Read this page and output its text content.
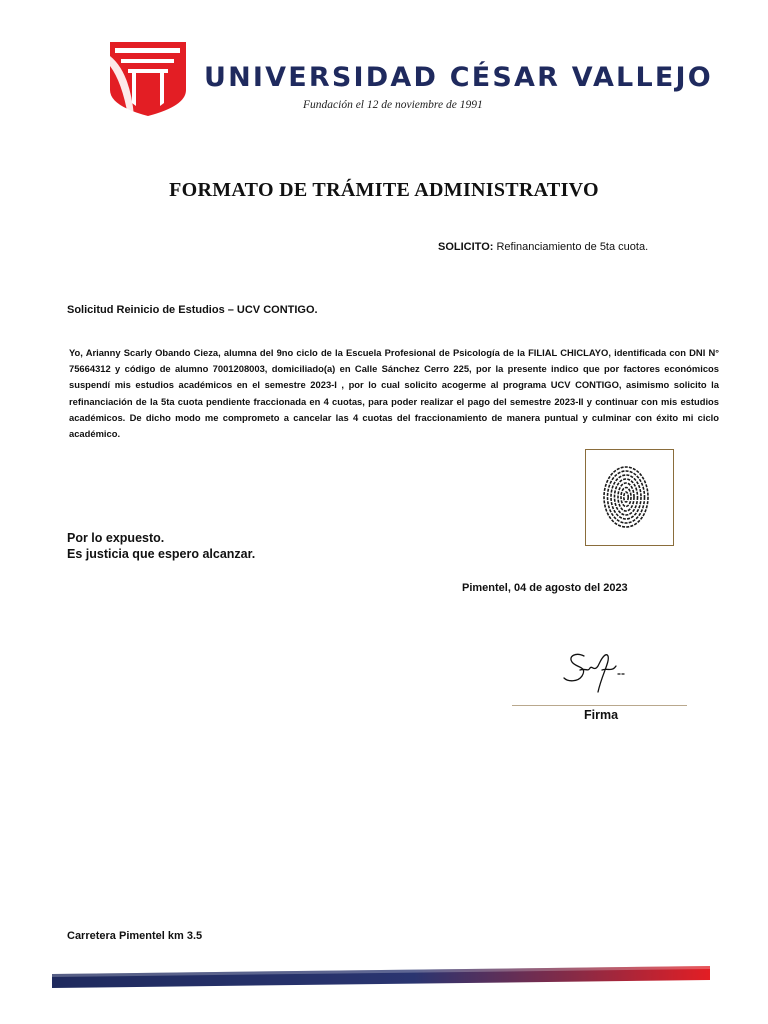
UNIVERSIDAD CÉSAR VALLEJO
Fundación el 12 de noviembre de 1991
FORMATO DE TRÁMITE ADMINISTRATIVO
SOLICITO: Refinanciamiento de 5ta cuota.
Solicitud Reinicio de Estudios – UCV CONTIGO.
Yo, Arianny Scarly Obando Cieza, alumna del 9no ciclo de la Escuela Profesional de Psicología de la FILIAL CHICLAYO, identificada con DNI N° 75664312 y código de alumno 7001208003, domiciliado(a) en Calle Sánchez Cerro 225, por la presente indico que por factores económicos suspendí mis estudios académicos en el semestre 2023-I , por lo cual solicito acogerme al programa UCV CONTIGO, asimismo solicito la refinanciación de la 5ta cuota pendiente fraccionada en 4 cuotas, para poder realizar el pago del semestre 2023-II y continuar con mis estudios académicos. De dicho modo me comprometo a cancelar las 4 cuotas del fraccionamiento de manera puntual y culminar con éxito mi ciclo académico.
Por lo expuesto.
Es justicia que espero alcanzar.
Pimentel, 04 de agosto del 2023
Firma
Carretera Pimentel km 3.5
